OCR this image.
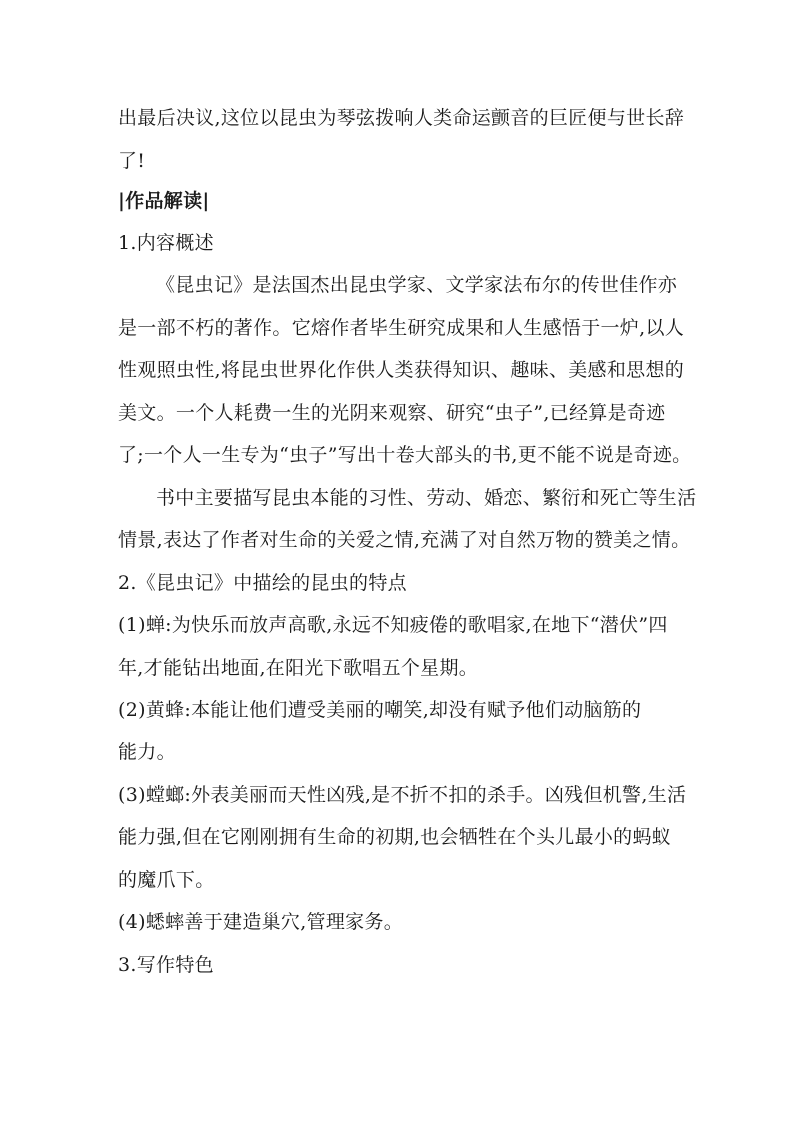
出最后决议,这位以昆虫为琴弦拨响人类命运颤音的巨匠便与世长辞
了!
|作品解读|
1.内容概述
《昆虫记》是法国杰出昆虫学家、文学家法布尔的传世佳作亦
是一部不朽的著作。它熔作者毕生研究成果和人生感悟于一炉,以人
性观照虫性,将昆虫世界化作供人类获得知识、趣味、美感和思想的
美文。一个人耗费一生的光阴来观察、研究“虫子”,已经算是奇迹
了;一个人一生专为“虫子”写出十卷大部头的书,更不能不说是奇迹。
书中主要描写昆虫本能的习性、劳动、婚恋、繁衍和死亡等生活
情景,表达了作者对生命的关爱之情,充满了对自然万物的赞美之情。
2.《昆虫记》中描绘的昆虫的特点
(1)蝉:为快乐而放声高歌,永远不知疲倦的歌唱家,在地下“潜伏”四
年,才能钻出地面,在阳光下歌唱五个星期。
(2)黄蜂:本能让他们遭受美丽的嘲笑,却没有赋予他们动脑筋的
能力。
(3)螳螂:外表美丽而天性凶残,是不折不扣的杀手。凶残但机警,生活
能力强,但在它刚刚拥有生命的初期,也会牺牲在个头儿最小的蚂蚁
的魔爪下。
(4)蟋蟀善于建造巢穴,管理家务。
3.写作特色
